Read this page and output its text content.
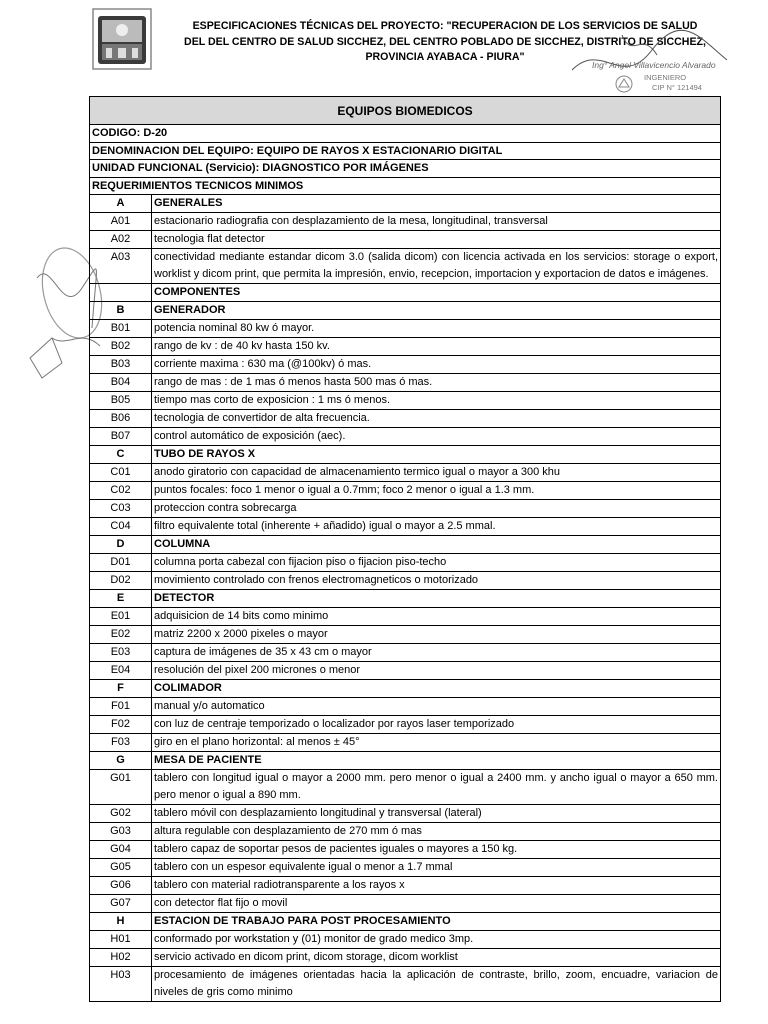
ESPECIFICACIONES TÉCNICAS DEL PROYECTO: "RECUPERACION DE LOS SERVICIOS DE SALUD
DEL DEL CENTRO DE SALUD SICCHEZ, DEL CENTRO POBLADO DE SICCHEZ, DISTRITO DE SICCHEZ,
PROVINCIA AYABACA - PIURA"
Ing° Angel Villavicencio Alvarado
INGENIERO
CIP N° 121494
EQUIPOS BIOMEDICOS
CODIGO: D-20
DENOMINACION DEL EQUIPO: EQUIPO DE RAYOS X ESTACIONARIO DIGITAL
UNIDAD FUNCIONAL (Servicio): DIAGNOSTICO POR IMÁGENES
REQUERIMIENTOS TECNICOS MINIMOS
A	GENERALES
A01	estacionario radiografia con desplazamiento de la mesa, longitudinal, transversal
A02	tecnologia flat detector
A03	conectividad mediante estandar dicom 3.0 (salida dicom) con licencia activada en los servicios: storage o export, worklist y dicom print, que permita la impresión, envio, recepcion, importacion y exportacion de datos e imágenes.
	COMPONENTES
B	GENERADOR
B01	potencia nominal 80 kw ó mayor.
B02	rango de kv : de 40 kv hasta 150 kv.
B03	corriente maxima : 630 ma (@100kv) ó mas.
B04	rango de mas : de 1 mas ó menos hasta 500 mas ó mas.
B05	tiempo mas corto de exposicion : 1 ms ó menos.
B06	tecnologia de convertidor de alta frecuencia.
B07	control automático de exposición (aec).
C	TUBO DE RAYOS X
C01	anodo giratorio con capacidad de almacenamiento termico igual o mayor a 300 khu
C02	puntos focales: foco 1 menor o igual a 0.7mm; foco 2 menor o igual a 1.3 mm.
C03	proteccion contra sobrecarga
C04	filtro equivalente total (inherente + añadido) igual o mayor a 2.5 mmal.
D	COLUMNA
D01	columna porta cabezal con fijacion piso o fijacion piso-techo
D02	movimiento controlado con frenos electromagneticos o motorizado
E	DETECTOR
E01	adquisicion de 14 bits como minimo
E02	matriz 2200 x 2000 pixeles o mayor
E03	captura de imágenes de 35 x 43 cm o mayor
E04	resolución del pixel 200 micrones o menor
F	COLIMADOR
F01	manual y/o automatico
F02	con luz de centraje temporizado o localizador por rayos laser temporizado
F03	giro en el plano horizontal: al menos ± 45°
G	MESA DE PACIENTE
G01	tablero con longitud igual o mayor a 2000 mm. pero menor o igual a 2400 mm. y ancho igual o mayor a 650 mm. pero menor o igual a 890 mm.
G02	tablero móvil con desplazamiento longitudinal y transversal (lateral)
G03	altura regulable con desplazamiento de 270 mm ó mas
G04	tablero capaz de soportar pesos de pacientes iguales o mayores a 150 kg.
G05	tablero con un espesor equivalente igual o menor a 1.7 mmal
G06	tablero con material radiotransparente a los rayos x
G07	con detector flat fijo o movil
H	ESTACION DE TRABAJO PARA POST PROCESAMIENTO
H01	conformado por workstation y (01) monitor de grado medico 3mp.
H02	servicio activado en dicom print, dicom storage, dicom worklist
H03	procesamiento de imágenes orientadas hacia la aplicación de contraste, brillo, zoom, encuadre, variacion de niveles de gris como minimo
